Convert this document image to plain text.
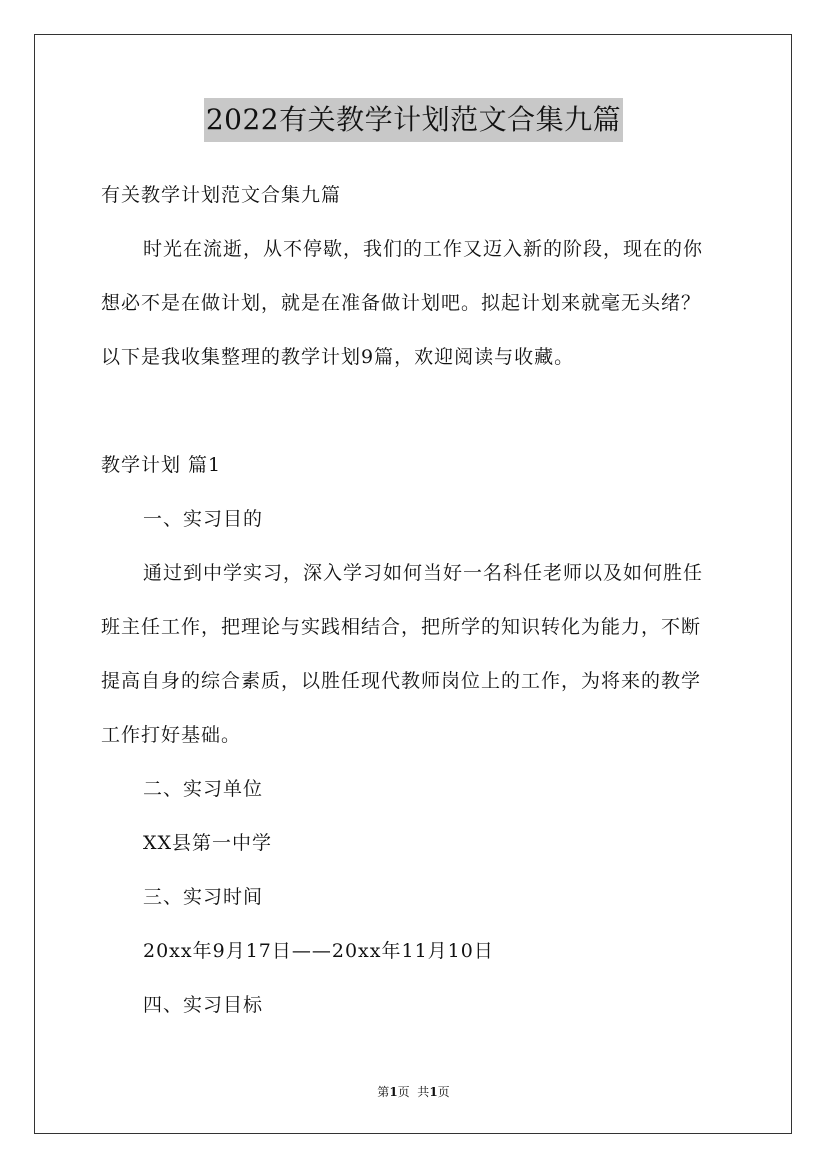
2022有关教学计划范文合集九篇
有关教学计划范文合集九篇
时光在流逝，从不停歇，我们的工作又迈入新的阶段，现在的你
想必不是在做计划，就是在准备做计划吧。拟起计划来就毫无头绪？
以下是我收集整理的教学计划9篇，欢迎阅读与收藏。
教学计划 篇1
一、实习目的
通过到中学实习，深入学习如何当好一名科任老师以及如何胜任
班主任工作，把理论与实践相结合，把所学的知识转化为能力，不断
提高自身的综合素质，以胜任现代教师岗位上的工作，为将来的教学
工作打好基础。
二、实习单位
XX县第一中学
三、实习时间
20xx年9月17日——20xx年11月10日
四、实习目标
第1页  共1页
